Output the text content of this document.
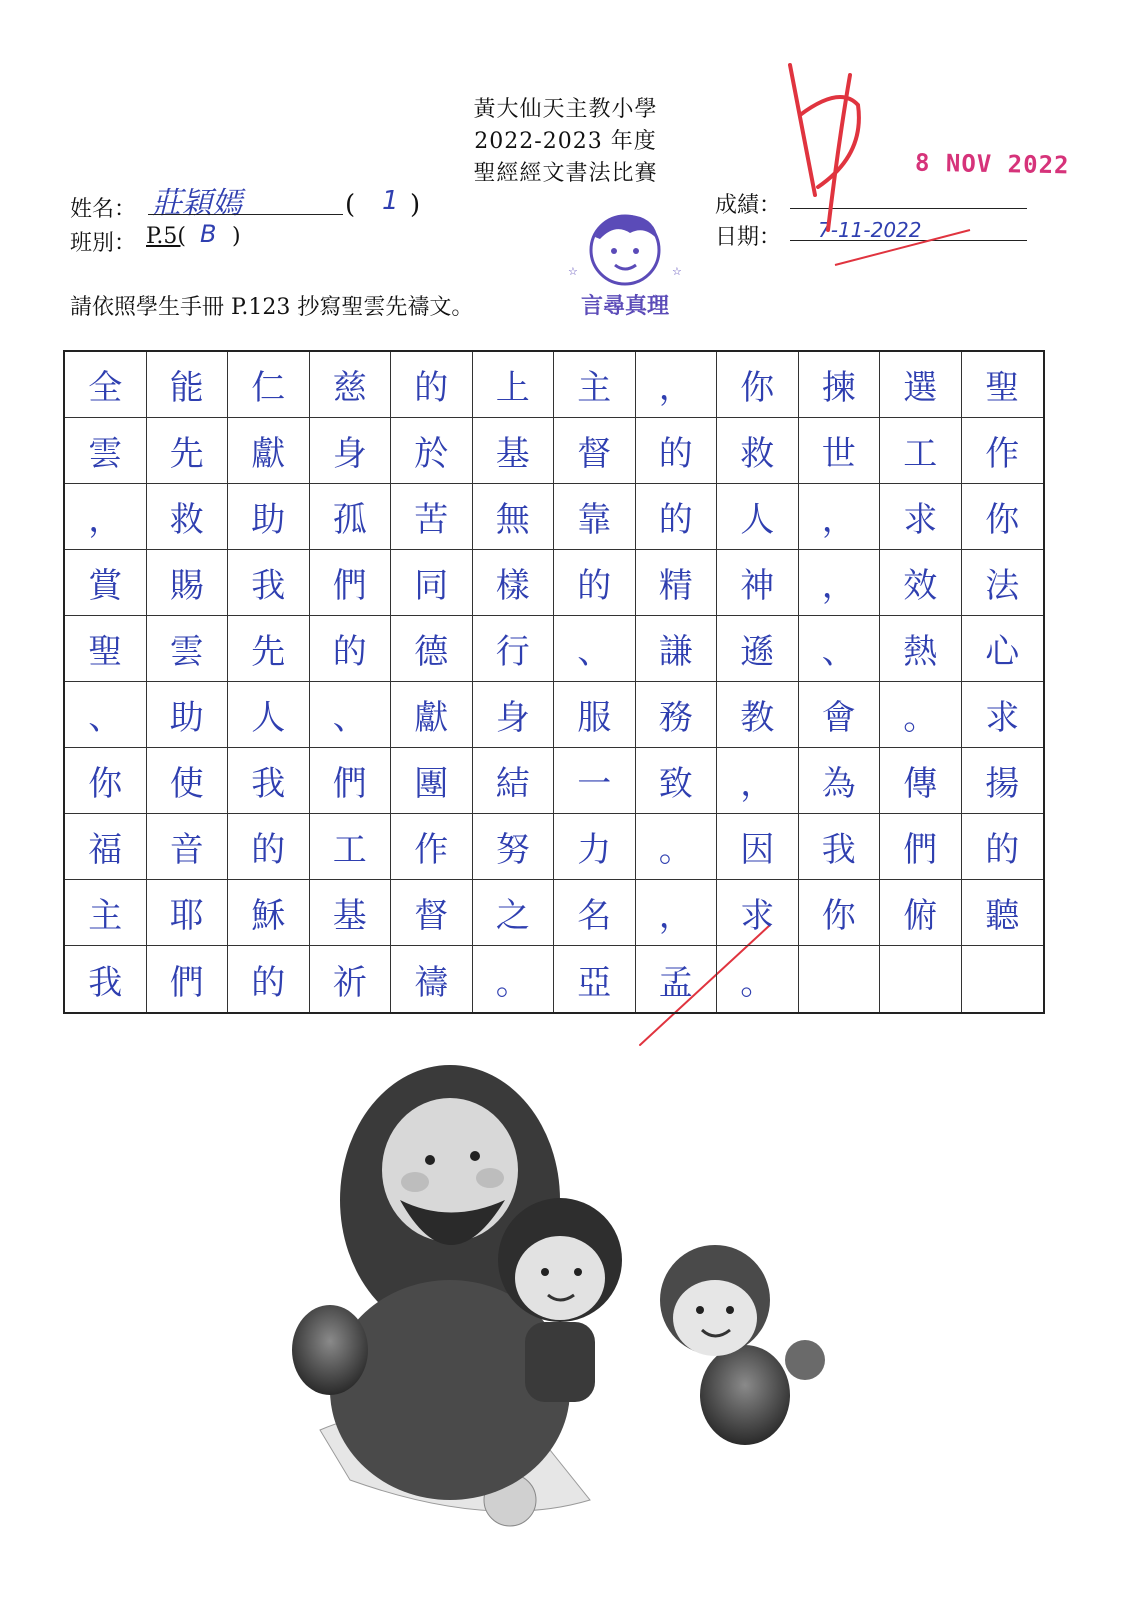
黃大仙天主教小學
2022-2023 年度
聖經經文書法比賽
姓名： 莊穎嫣	( 1 )
班別： P.5( B )
成績：
日期： 7-11-2022
8 NOV 2022
☆	☆
言尋真理
請依照學生手冊 P.123 抄寫聖雲先禱文。
全	能	仁	慈	的	上	主	，	你	揀	選	聖
雲	先	獻	身	於	基	督	的	救	世	工	作
，	救	助	孤	苦	無	靠	的	人	，	求	你
賞	賜	我	們	同	樣	的	精	神	，	效	法
聖	雲	先	的	德	行	、	謙	遜	、	熱	心
、	助	人	、	獻	身	服	務	教	會	。	求
你	使	我	們	團	結	一	致	，	為	傳	揚
福	音	的	工	作	努	力	。	因	我	們	的
主	耶	穌	基	督	之	名	，	求	你	俯	聽
我	們	的	祈	禱	。	亞	孟	。
